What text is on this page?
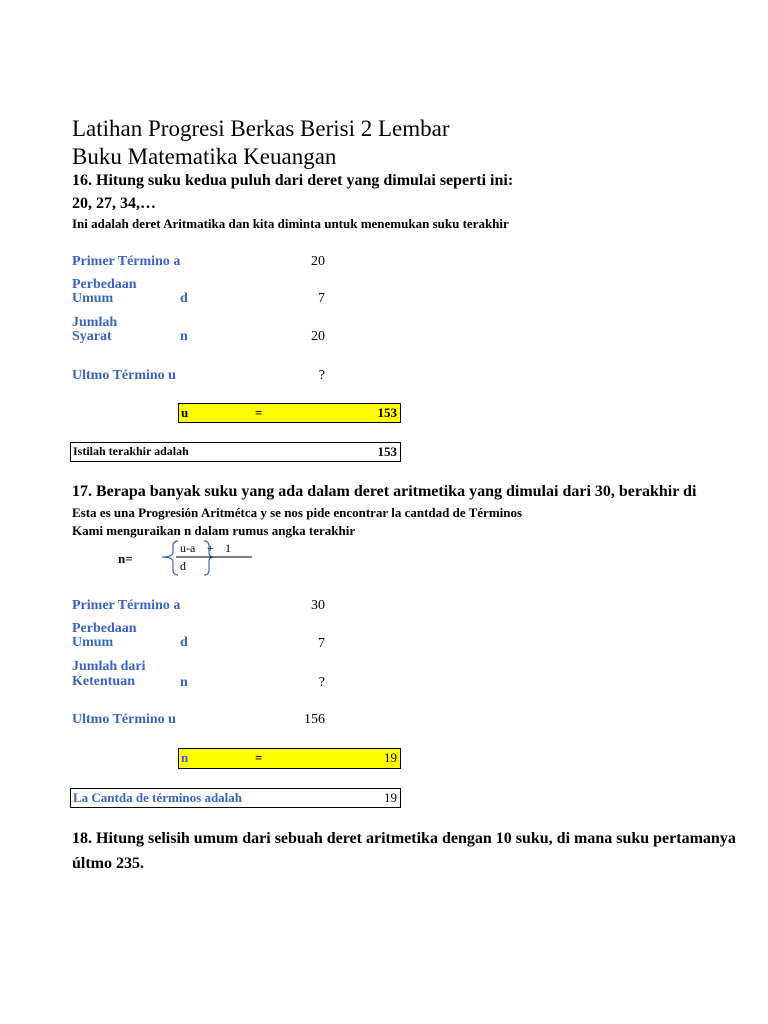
Latihan Progresi Berkas Berisi 2 Lembar
Buku Matematika Keuangan
16. Hitung suku kedua puluh dari deret yang dimulai seperti ini:
20, 27, 34,…
Ini adalah deret Aritmatika dan kita diminta untuk menemukan suku terakhir
Primer Término a	20
Perbedaan
Umum	d	7
Jumlah
Syarat	n	20
Ultmo Término u	?
u	=	153
Istilah terakhir adalah	153
17. Berapa banyak suku yang ada dalam deret aritmetika yang dimulai dari 30, berakhir di
Esta es una Progresión Aritmétca y se nos pide encontrar la cantdad de Términos
Kami menguraikan n dalam rumus angka terakhir
n=
u-a + 1
d
Primer Término a	30
Perbedaan
Umum	d	7
Jumlah dari
Ketentuan	n	?
Ultmo Término u	156
n	=	19
La Cantda de términos adalah	19
18. Hitung selisih umum dari sebuah deret aritmetika dengan 10 suku, di mana suku pertamanya
últmo 235.
